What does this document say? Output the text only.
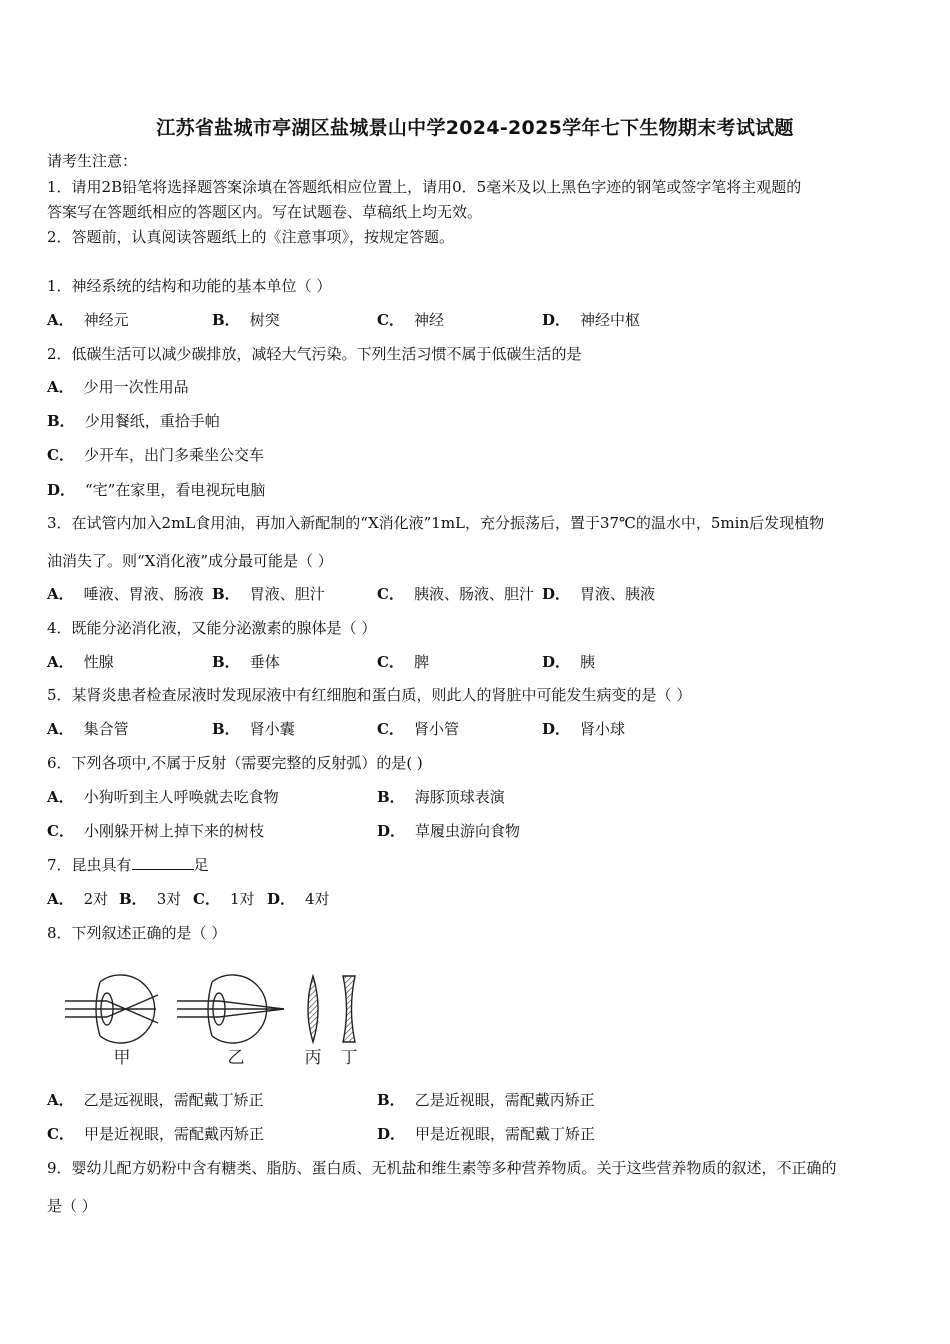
江苏省盐城市亭湖区盐城景山中学2024-2025学年七下生物期末考试试题
请考生注意：
1．请用2B铅笔将选择题答案涂填在答题纸相应位置上，请用0．5毫米及以上黑色字迹的钢笔或签字笔将主观题的
答案写在答题纸相应的答题区内。写在试题卷、草稿纸上均无效。
2．答题前，认真阅读答题纸上的《注意事项》，按规定答题。
1．神经系统的结构和功能的基本单位（ ）
A． 神经元	B． 树突	C． 神经	D． 神经中枢
2．低碳生活可以减少碳排放，减轻大气污染。下列生活习惯不属于低碳生活的是
A． 少用一次性用品
B． 少用餐纸，重拾手帕
C． 少开车，出门多乘坐公交车
D． “宅”在家里，看电视玩电脑
3．在试管内加入2mL食用油，再加入新配制的“X消化液”1mL，充分振荡后，置于37℃的温水中，5min后发现植物
油消失了。则“X消化液”成分最可能是（ ）
A． 唾液、胃液、肠液 B． 胃液、胆汁	C． 胰液、肠液、胆汁 D． 胃液、胰液
4．既能分泌消化液，又能分泌激素的腺体是（ ）
A． 性腺	B． 垂体	C． 脾	D． 胰
5．某肾炎患者检查尿液时发现尿液中有红细胞和蛋白质，则此人的肾脏中可能发生病变的是（ ）
A． 集合管	B． 肾小囊	C． 肾小管	D． 肾小球
6．下列各项中,不属于反射（需要完整的反射弧）的是( )
A． 小狗听到主人呼唤就去吃食物	B． 海豚顶球表演
C． 小刚躲开树上掉下来的树枝	D． 草履虫游向食物
7．昆虫具有	足
A． 2对 B． 3对 C． 1对 D． 4对
8．下列叙述正确的是（ ）
甲	乙	丙 丁
A． 乙是远视眼，需配戴丁矫正	B． 乙是近视眼，需配戴丙矫正
C． 甲是近视眼，需配戴丙矫正	D． 甲是近视眼，需配戴丁矫正
9．婴幼儿配方奶粉中含有糖类、脂肪、蛋白质、无机盐和维生素等多种营养物质。关于这些营养物质的叙述，不正确的
是（ ）
